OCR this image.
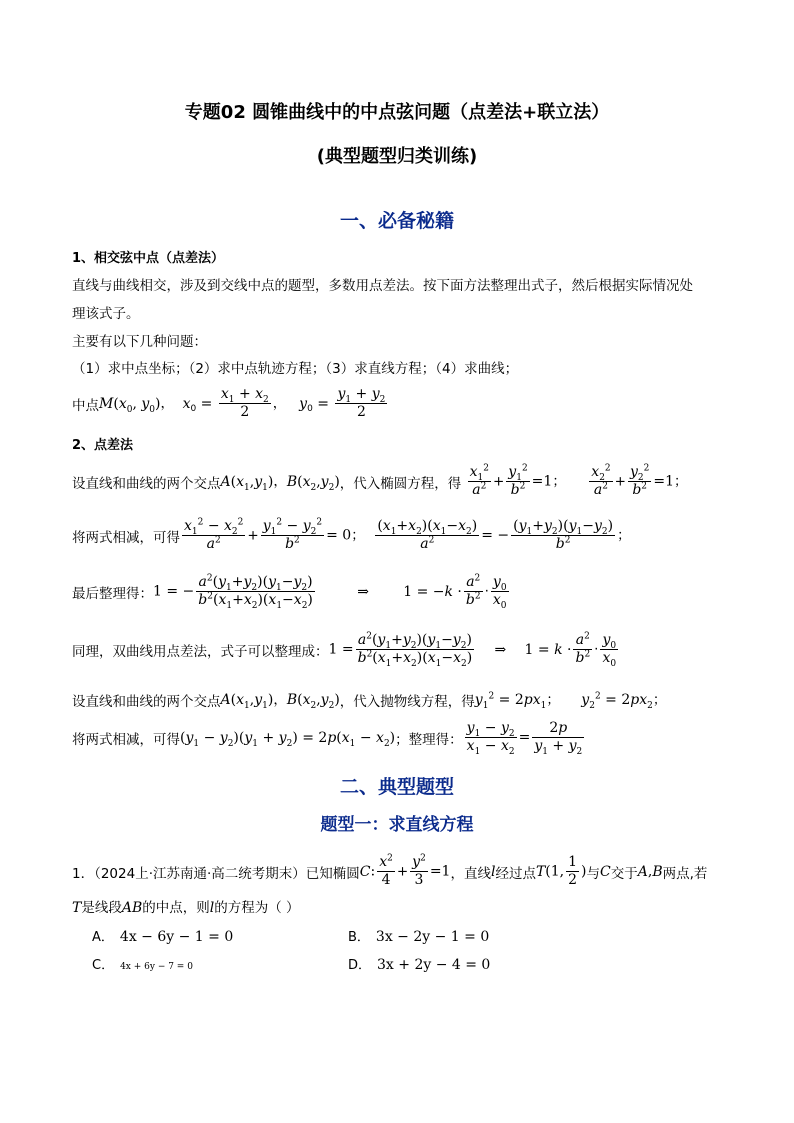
专题02 圆锥曲线中的中点弦问题（点差法+联立法）
(典型题型归类训练)
一、必备秘籍
1、相交弦中点（点差法）
直线与曲线相交，涉及到交线中点的题型，多数用点差法。按下面方法整理出式子，然后根据实际情况处
理该式子。
主要有以下几种问题：
（1）求中点坐标；（2）求中点轨迹方程；（3）求直线方程；（4）求曲线；
中点$M(x_0$, $y_0$)，  $x_0 = \frac{x_1 + x_2}{2}$ ，   $y_0 = \frac{y_1 + y_2}{2}$
2、点差法
设直线和曲线的两个交点$A(x_1,y_1)$，$B(x_2,y_2)$，代入椭圆方程，得 $\frac{x_1^2}{a^2} + \frac{y_1^2}{b^2} =1$； $\frac{x_2^2}{a^2} + \frac{y_2^2}{b^2} =1$；
将两式相减，可得 $\frac{x_1^2 - x_2^2}{a^2} + \frac{y_1^2 - y_2^2}{b^2} = 0$； $\frac{(x_1+x_2)(x_1-x_2)}{a^2}$ = − $\frac{(y_1+y_2)(y_1-y_2)}{b^2}$ ；
最后整理得：1 = − $\frac{a^2(y_1+y_2)(y_1-y_2)}{b^2(x_1+x_2)(x_1-x_2)}$	⇒ $1 = -k \cdot \frac{a^2}{b^2} \cdot \frac{y_0}{x_0}$
同理，双曲线用点差法，式子可以整理成：$1 = \frac{a^2(y_1+y_2)(y_1-y_2)}{b^2(x_1+x_2)(x_1-x_2)}$ ⇒ $1 = k \cdot \frac{a^2}{b^2} \cdot \frac{y_0}{x_0}$
设直线和曲线的两个交点$A(x_1,y_1)$，$B(x_2,y_2)$，代入抛物线方程，得$y_1^2 = 2px_1$；     $y_2^2 = 2px_2$；
将两式相减，可得$(y_1 - y_2)(y_1 + y_2) = 2p(x_1 - x_2)$；整理得： $\frac{y_1 - y_2}{x_1 - x_2} = \frac{2p}{y_1 + y_2}$
二、典型题型
题型一：求直线方程
1．（2024上·江苏南通·高二统考期末）已知椭圆C: $\frac{x^2}{4} + \frac{y^2}{3} =1$，直线l经过点T(1, $\frac{1}{2}$ )与C交于A,B两点,若
T是线段AB的中点，则l的方程为（ ）
A． 4x − 6y − 1 = 0	B． 3x − 2y − 1 = 0
C． 4x + 6y − 7 = 0	D． 3x + 2y − 4 = 0
